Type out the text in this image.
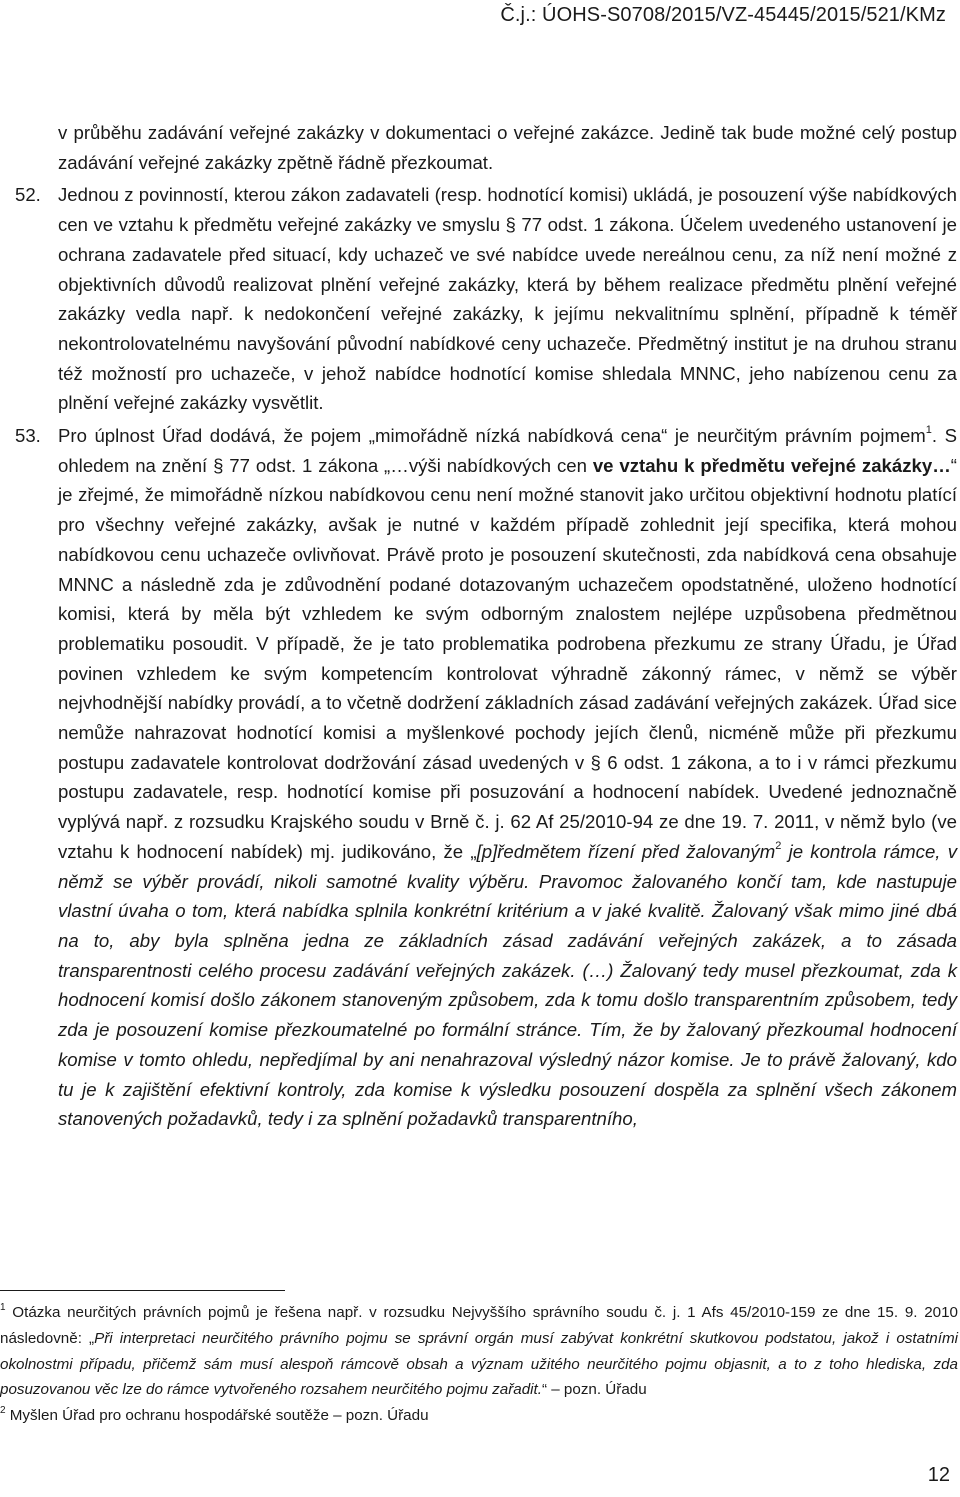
Č.j.: ÚOHS-S0708/2015/VZ-45445/2015/521/KMz

v průběhu zadávání veřejné zakázky v dokumentaci o veřejné zakázce. Jedině tak bude možné celý postup zadávání veřejné zakázky zpětně řádně přezkoumat.

52. Jednou z povinností, kterou zákon zadavateli (resp. hodnotící komisi) ukládá, je posouzení výše nabídkových cen ve vztahu k předmětu veřejné zakázky ve smyslu § 77 odst. 1 zákona. Účelem uvedeného ustanovení je ochrana zadavatele před situací, kdy uchazeč ve své nabídce uvede nereálnou cenu, za níž není možné z objektivních důvodů realizovat plnění veřejné zakázky, která by během realizace předmětu plnění veřejné zakázky vedla např. k nedokončení veřejné zakázky, k jejímu nekvalitnímu splnění, případně k téměř nekontrolovatelnému navyšování původní nabídkové ceny uchazeče. Předmětný institut je na druhou stranu též možností pro uchazeče, v jehož nabídce hodnotící komise shledala MNNC, jeho nabízenou cenu za plnění veřejné zakázky vysvětlit.
53. Pro úplnost Úřad dodává, že pojem „mimořádně nízká nabídková cena“ je neurčitým právním pojmem$^1$. S ohledem na znění § 77 odst. 1 zákona „…výši nabídkových cen ve vztahu k předmětu veřejné zakázky…“ je zřejmé, že mimořádně nízkou nabídkovou cenu není možné stanovit jako určitou objektivní hodnotu platící pro všechny veřejné zakázky, avšak je nutné v každém případě zohlednit její specifika, která mohou nabídkovou cenu uchazeče ovlivňovat. Právě proto je posouzení skutečnosti, zda nabídková cena obsahuje MNNC a následně zda je zdůvodnění podané dotazovaným uchazečem opodstatněné, uloženo hodnotící komisi, která by měla být vzhledem ke svým odborným znalostem nejlépe uzpůsobena předmětnou problematiku posoudit. V případě, že je tato problematika podrobena přezkumu ze strany Úřadu, je Úřad povinen vzhledem ke svým kompetencím kontrolovat výhradně zákonný rámec, v němž se výběr nejvhodnější nabídky provádí, a to včetně dodržení základních zásad zadávání veřejných zakázek. Úřad sice nemůže nahrazovat hodnotící komisi a myšlenkové pochody jejích členů, nicméně může při přezkumu postupu zadavatele kontrolovat dodržování zásad uvedených v § 6 odst. 1 zákona, a to i v rámci přezkumu postupu zadavatele, resp. hodnotící komise při posuzování a hodnocení nabídek. Uvedené jednoznačně vyplývá např. z rozsudku Krajského soudu v Brně č. j. 62 Af 25/2010-94 ze dne 19. 7. 2011, v němž bylo (ve vztahu k hodnocení nabídek) mj. judikováno, že „[p]ředmětem řízení před žalovaným$^2$ je kontrola rámce, v němž se výběr provádí, nikoli samotné kvality výběru. Pravomoc žalovaného končí tam, kde nastupuje vlastní úvaha o tom, která nabídka splnila konkrétní kritérium a v jaké kvalitě. Žalovaný však mimo jiné dbá na to, aby byla splněna jedna ze základních zásad zadávání veřejných zakázek, a to zásada transparentnosti celého procesu zadávání veřejných zakázek. (…) Žalovaný tedy musel přezkoumat, zda k hodnocení komisí došlo zákonem stanoveným způsobem, zda k tomu došlo transparentním způsobem, tedy zda je posouzení komise přezkoumatelné po formální stránce. Tím, že by žalovaný přezkoumal hodnocení komise v tomto ohledu, nepředjímal by ani nenahrazoval výsledný názor komise. Je to právě žalovaný, kdo tu je k zajištění efektivní kontroly, zda komise k výsledku posouzení dospěla za splnění všech zákonem stanovených požadavků, tedy i za splnění požadavků transparentního,

$^1$ Otázka neurčitých právních pojmů je řešena např. v rozsudku Nejvyššího správního soudu č. j. 1 Afs 45/2010-159 ze dne 15. 9. 2010 následovně: „Při interpretaci neurčitého právního pojmu se správní orgán musí zabývat konkrétní skutkovou podstatou, jakož i ostatními okolnostmi případu, přičemž sám musí alespoň rámcově obsah a význam užitého neurčitého pojmu objasnit, a to z toho hlediska, zda posuzovanou věc lze do rámce vytvořeného rozsahem neurčitého pojmu zařadit.“ – pozn. Úřadu

$^2$ Myšlen Úřad pro ochranu hospodářské soutěže – pozn. Úřadu

12
